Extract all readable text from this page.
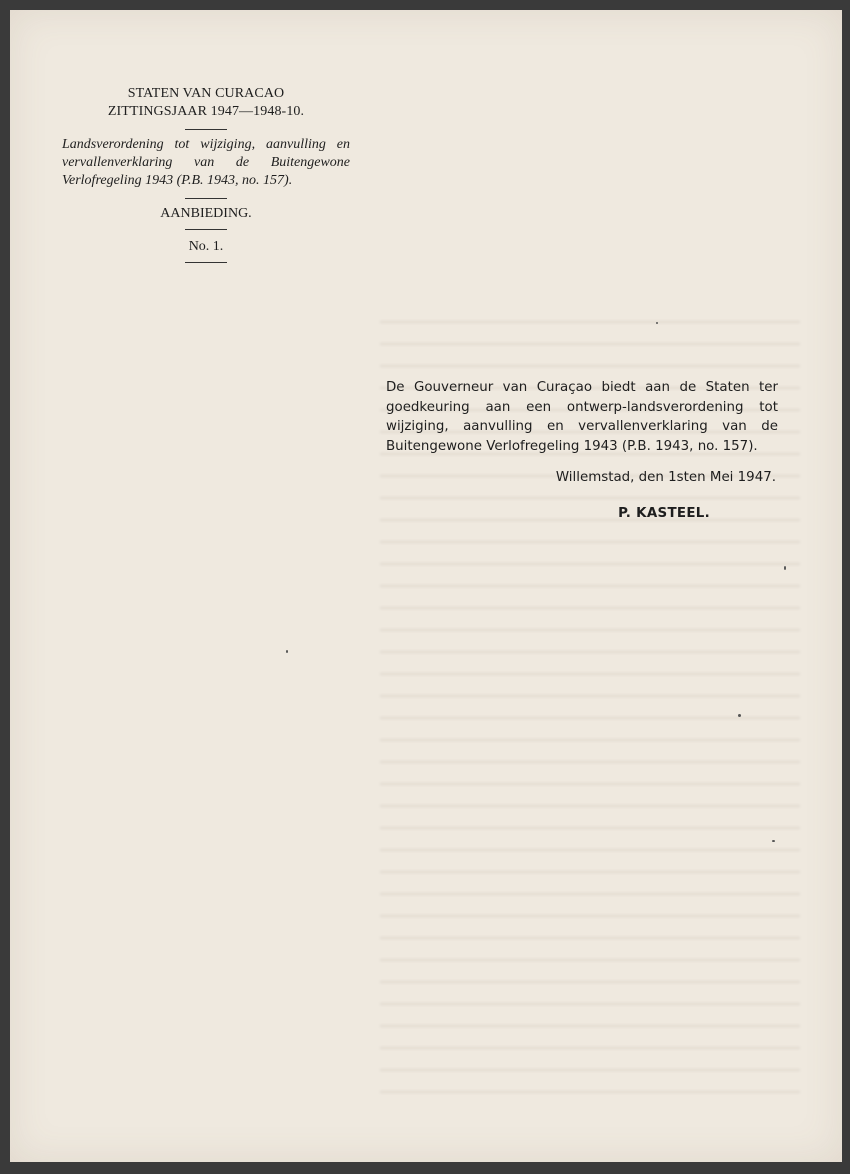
STATEN VAN CURACAO
ZITTINGSJAAR 1947—1948-10.
Landsverordening tot wijziging, aanvulling en vervallenverklaring van de Buitengewone Verlofregeling 1943 (P.B. 1943, no. 157).
AANBIEDING.
No. 1.

De Gouverneur van Curaçao biedt aan de Staten ter goedkeuring aan een ontwerp-landsverordening tot wijziging, aanvulling en vervallenverklaring van de Buitengewone Verlofregeling 1943 (P.B. 1943, no. 157).

Willemstad, den 1sten Mei 1947.
P. KASTEEL.
